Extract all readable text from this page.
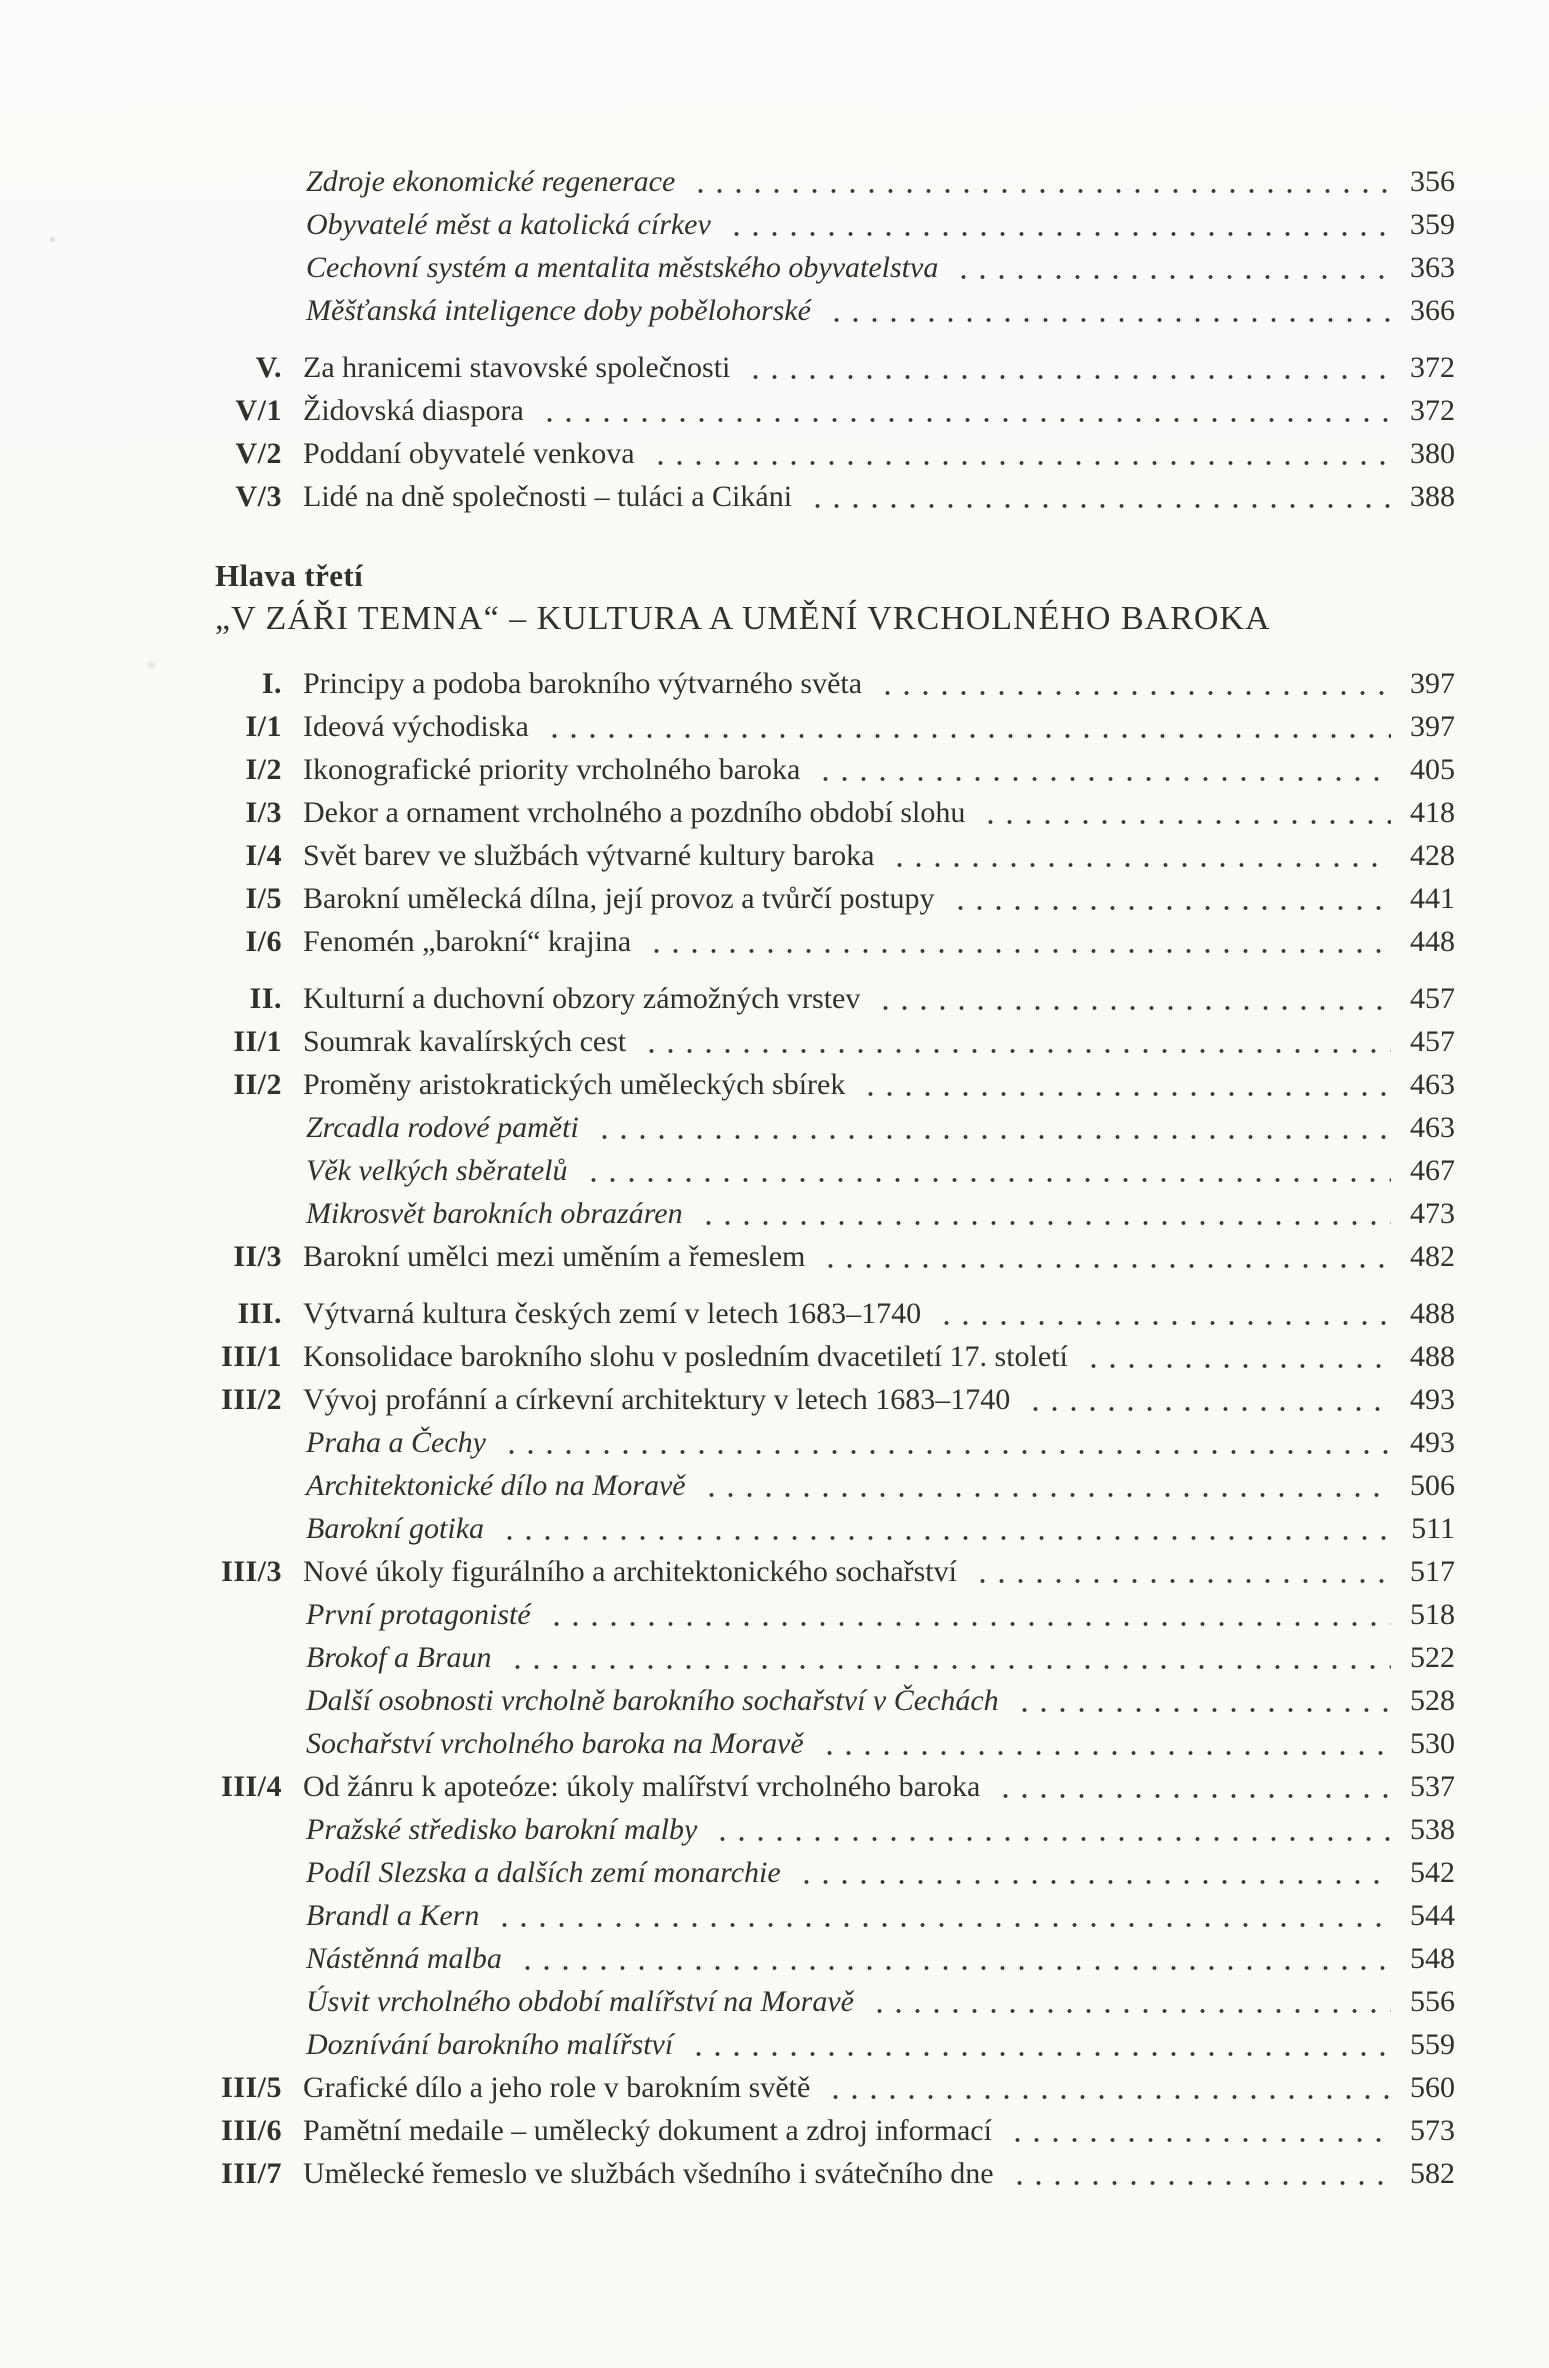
Zdroje ekonomické regenerace	356
Obyvatelé měst a katolická církev	359
Cechovní systém a mentalita městského obyvatelstva	363
Měšťanská inteligence doby pobělohorské	366
V. Za hranicemi stavovské společnosti	372
V/1 Židovská diaspora	372
V/2 Poddaní obyvatelé venkova	380
V/3 Lidé na dně společnosti – tuláci a Cikáni	388
Hlava třetí
„V ZÁŘI TEMNA“ – KULTURA A UMĚNÍ VRCHOLNÉHO BAROKA
I. Principy a podoba barokního výtvarného světa	397
I/1 Ideová východiska	397
I/2 Ikonografické priority vrcholného baroka	405
I/3 Dekor a ornament vrcholného a pozdního období slohu	418
I/4 Svět barev ve službách výtvarné kultury baroka	428
I/5 Barokní umělecká dílna, její provoz a tvůrčí postupy	441
I/6 Fenomén „barokní“ krajina	448
II. Kulturní a duchovní obzory zámožných vrstev	457
II/1 Soumrak kavalírských cest	457
II/2 Proměny aristokratických uměleckých sbírek	463
Zrcadla rodové paměti	463
Věk velkých sběratelů	467
Mikrosvět barokních obrazáren	473
II/3 Barokní umělci mezi uměním a řemeslem	482
III. Výtvarná kultura českých zemí v letech 1683–1740	488
III/1 Konsolidace barokního slohu v posledním dvacetiletí 17. století	488
III/2 Vývoj profánní a církevní architektury v letech 1683–1740	493
Praha a Čechy	493
Architektonické dílo na Moravě	506
Barokní gotika	511
III/3 Nové úkoly figurálního a architektonického sochařství	517
První protagonisté	518
Brokof a Braun	522
Další osobnosti vrcholně barokního sochařství v Čechách	528
Sochařství vrcholného baroka na Moravě	530
III/4 Od žánru k apoteóze: úkoly malířství vrcholného baroka	537
Pražské středisko barokní malby	538
Podíl Slezska a dalších zemí monarchie	542
Brandl a Kern	544
Nástěnná malba	548
Úsvit vrcholného období malířství na Moravě	556
Doznívání barokního malířství	559
III/5 Grafické dílo a jeho role v barokním světě	560
III/6 Pamětní medaile – umělecký dokument a zdroj informací	573
III/7 Umělecké řemeslo ve službách všedního i svátečního dne	582
